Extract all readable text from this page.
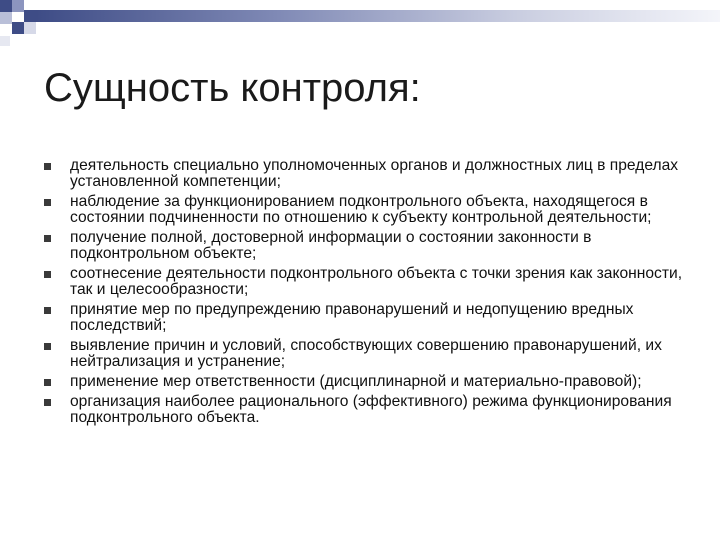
Сущность контроля:
деятельность специально уполномоченных органов и должностных лиц в пределах установленной компетенции;
наблюдение за функционированием подконтрольного объекта, находящегося в состоянии подчиненности по отношению к субъекту контрольной деятельности;
получение полной, достоверной информации о состоянии законности в подконтрольном объекте;
соотнесение деятельности подконтрольного объекта с точки зрения как законности, так и целесообразности;
принятие мер по предупреждению правонарушений и недопущению вредных последствий;
выявление причин и условий, способствующих совершению правонарушений, их нейтрализация и устранение;
применение мер ответственности (дисциплинарной и материально-правовой);
организация наиболее рационального (эффективного) режима функционирования подконтрольного объекта.
